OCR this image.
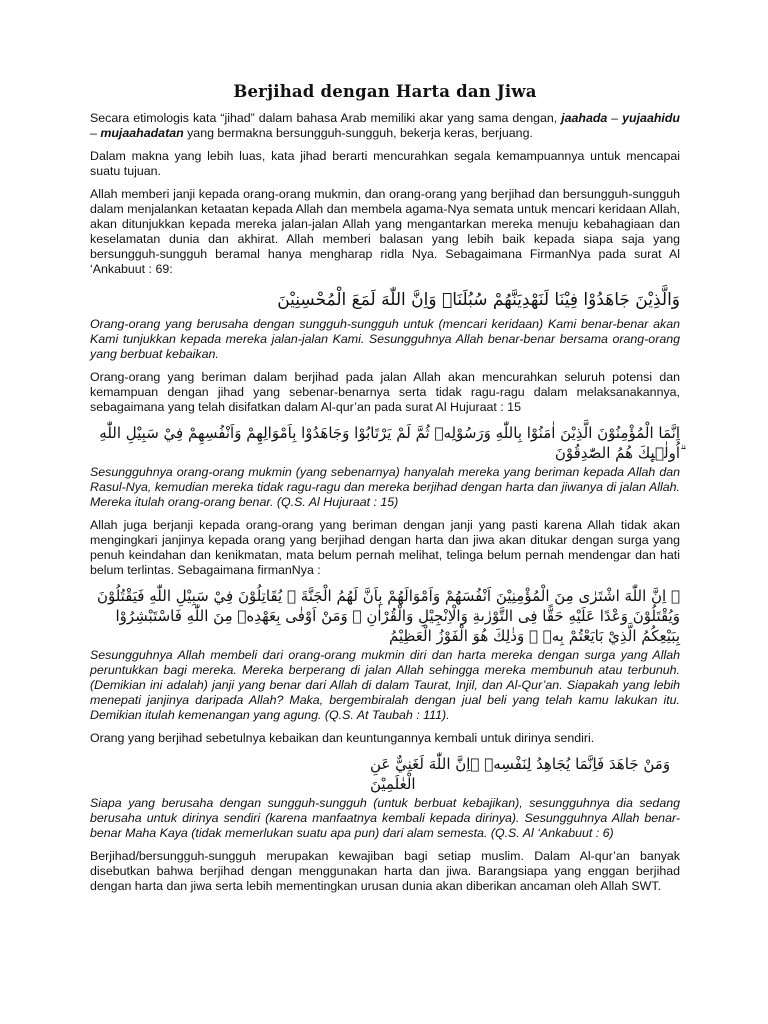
Berjihad dengan Harta dan Jiwa

Secara etimologis kata “jihad” dalam bahasa Arab memiliki akar yang sama dengan, jaahada – yujaahidu – mujaahadatan yang bermakna bersungguh-sungguh, bekerja keras, berjuang.

Dalam makna yang lebih luas, kata jihad berarti mencurahkan segala kemampuannya untuk mencapai suatu tujuan.

Allah memberi janji kepada orang-orang mukmin, dan orang-orang yang berjihad dan bersungguh-sungguh dalam menjalankan ketaatan kepada Allah dan membela agama-Nya semata untuk mencari keridaan Allah, akan ditunjukkan kepada mereka jalan-jalan Allah yang mengantarkan mereka menuju kebahagiaan dan keselamatan dunia dan akhirat. Allah memberi balasan yang lebih baik kepada siapa saja yang bersungguh-sungguh beramal hanya mengharap ridla Nya. Sebagaimana FirmanNya pada surat Al ‘Ankabuut : 69:

وَالَّذِيْنَ جَاهَدُوْا فِيْنَا لَنَهْدِيَنَّهُمْ سُبُلَنَاۗ وَاِنَّ اللّٰهَ لَمَعَ الْمُحْسِنِيْنَ

Orang-orang yang berusaha dengan sungguh-sungguh untuk (mencari keridaan) Kami benar-benar akan Kami tunjukkan kepada mereka jalan-jalan Kami. Sesungguhnya Allah benar-benar bersama orang-orang yang berbuat kebaikan.

Orang-orang yang beriman dalam berjihad pada jalan Allah akan mencurahkan seluruh potensi dan kemampuan dengan jihad yang sebenar-benarnya serta tidak ragu-ragu dalam melaksanakannya, sebagaimana yang telah disifatkan dalam Al-qur’an pada surat Al Hujuraat : 15

اِنَّمَا الْمُؤْمِنُوْنَ الَّذِيْنَ اٰمَنُوْا بِاللّٰهِ وَرَسُوْلِهٖ ثُمَّ لَمْ يَرْتَابُوْا وَجَاهَدُوْا بِاَمْوَالِهِمْ وَاَنْفُسِهِمْ فِيْ سَبِيْلِ اللّٰهِ ۗاُولٰۤىِٕكَ هُمُ الصّٰدِقُوْنَ

Sesungguhnya orang-orang mukmin (yang sebenarnya) hanyalah mereka yang beriman kepada Allah dan Rasul-Nya, kemudian mereka tidak ragu-ragu dan mereka berjihad dengan harta dan jiwanya di jalan Allah. Mereka itulah orang-orang benar. (Q.S. Al Hujuraat : 15)

Allah juga berjanji kepada orang-orang yang beriman dengan janji yang pasti karena Allah tidak akan mengingkari janjinya kepada orang yang berjihad dengan harta dan jiwa akan ditukar dengan surga yang penuh keindahan dan kenikmatan, mata belum pernah melihat, telinga belum pernah mendengar dan hati belum terlintas. Sebagaimana firmanNya :

۞ اِنَّ اللّٰهَ اشْتَرٰى مِنَ الْمُؤْمِنِيْنَ اَنْفُسَهُمْ وَاَمْوَالَهُمْ بِاَنَّ لَهُمُ الْجَنَّةَ ۗ يُقَاتِلُوْنَ فِيْ سَبِيْلِ اللّٰهِ فَيَقْتُلُوْنَ وَيُقْتَلُوْنَ وَعْدًا عَلَيْهِ حَقًّا فِى التَّوْرٰىةِ وَالْاِنْجِيْلِ وَالْقُرْاٰنِ ۗ وَمَنْ اَوْفٰى بِعَهْدِهٖ مِنَ اللّٰهِ فَاسْتَبْشِرُوْا بِبَيْعِكُمُ الَّذِيْ بَايَعْتُمْ بِهٖ ۗ وَذٰلِكَ هُوَ الْفَوْزُ الْعَظِيْمُ

Sesungguhnya Allah membeli dari orang-orang mukmin diri dan harta mereka dengan surga yang Allah peruntukkan bagi mereka. Mereka berperang di jalan Allah sehingga mereka membunuh atau terbunuh. (Demikian ini adalah) janji yang benar dari Allah di dalam Taurat, Injil, dan Al-Qur’an. Siapakah yang lebih menepati janjinya daripada Allah? Maka, bergembiralah dengan jual beli yang telah kamu lakukan itu. Demikian itulah kemenangan yang agung. (Q.S. At Taubah : 111).

Orang yang berjihad sebetulnya kebaikan dan keuntungannya kembali untuk dirinya sendiri.

وَمَنْ جَاهَدَ فَاِنَّمَا يُجَاهِدُ لِنَفْسِهٖ ۗاِنَّ اللّٰهَ لَغَنِيٌّ عَنِ الْعٰلَمِيْنَ

Siapa yang berusaha dengan sungguh-sungguh (untuk berbuat kebajikan), sesungguhnya dia sedang berusaha untuk dirinya sendiri (karena manfaatnya kembali kepada dirinya). Sesungguhnya Allah benar-benar Maha Kaya (tidak memerlukan suatu apa pun) dari alam semesta. (Q.S. Al ‘Ankabuut : 6)

Berjihad/bersungguh-sungguh merupakan kewajiban bagi setiap muslim. Dalam Al-qur’an banyak disebutkan bahwa berjihad dengan menggunakan harta dan jiwa. Barangsiapa yang enggan berjihad dengan harta dan jiwa serta lebih mementingkan urusan dunia akan diberikan ancaman oleh Allah SWT.
